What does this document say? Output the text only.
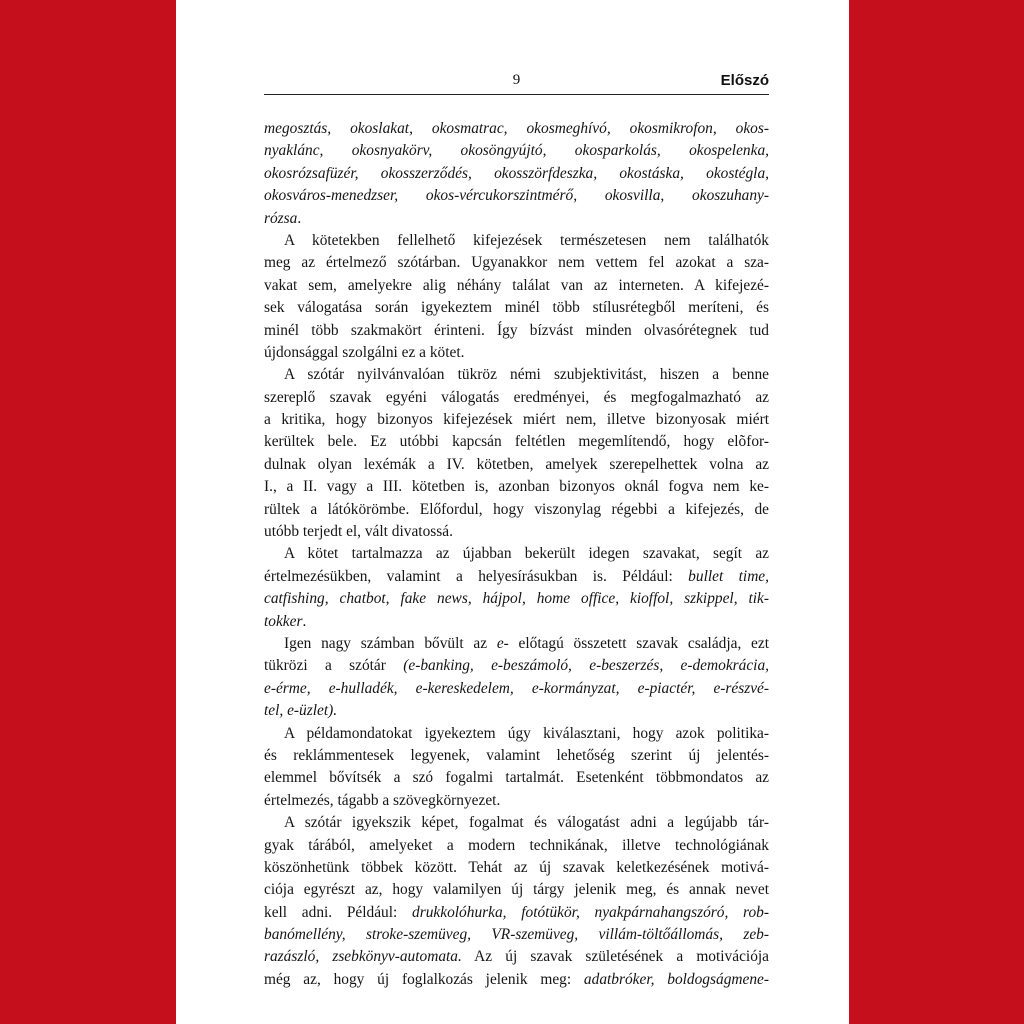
9	Előszó
megosztás, okoslakat, okosmatrac, okosmeghívó, okosmikrofon, okos-
nyaklánc, okosnyakörv, okosöngyújtó, okosparkolás, okospelenka,
okosrózsafüzér, okosszerződés, okosszörfdeszka, okostáska, okostégla,
okosváros-menedzser, okos-vércukorszintmérő, okosvilla, okoszuhany-
rózsa.
A kötetekben fellelhető kifejezések természetesen nem találhatók
meg az értelmező szótárban. Ugyanakkor nem vettem fel azokat a sza-
vakat sem, amelyekre alig néhány találat van az interneten. A kifejezé-
sek válogatása során igyekeztem minél több stílusrétegből meríteni, és
minél több szakmakört érinteni. Így bízvást minden olvasórétegnek tud
újdonsággal szolgálni ez a kötet.
A szótár nyilvánvalóan tükröz némi szubjektivitást, hiszen a benne
szereplő szavak egyéni válogatás eredményei, és megfogalmazható az
a kritika, hogy bizonyos kifejezések miért nem, illetve bizonyosak miért
kerültek bele. Ez utóbbi kapcsán feltétlen megemlítendő, hogy elõfor-
dulnak olyan lexémák a IV. kötetben, amelyek szerepelhettek volna az
I., a II. vagy a III. kötetben is, azonban bizonyos oknál fogva nem ke-
rültek a látókörömbe. Előfordul, hogy viszonylag régebbi a kifejezés, de
utóbb terjedt el, vált divatossá.
A kötet tartalmazza az újabban bekerült idegen szavakat, segít az
értelmezésükben, valamint a helyesírásukban is. Például: bullet time,
catfishing, chatbot, fake news, hájpol, home office, kioffol, szkippel, tik-
tokker.
Igen nagy számban bővült az e- előtagú összetett szavak családja, ezt
tükrözi a szótár (e-banking, e-beszámoló, e-beszerzés, e-demokrácia,
e-érme, e-hulladék, e-kereskedelem, e-kormányzat, e-piactér, e-részvé-
tel, e-üzlet).
A példamondatokat igyekeztem úgy kiválasztani, hogy azok politika-
és reklámmentesek legyenek, valamint lehetőség szerint új jelentés-
elemmel bővítsék a szó fogalmi tartalmát. Esetenként többmondatos az
értelmezés, tágabb a szövegkörnyezet.
A szótár igyekszik képet, fogalmat és válogatást adni a legújabb tár-
gyak tárából, amelyeket a modern technikának, illetve technológiának
köszönhetünk többek között. Tehát az új szavak keletkezésének motivá-
ciója egyrészt az, hogy valamilyen új tárgy jelenik meg, és annak nevet
kell adni. Például: drukkolóhurka, fotótükör, nyakpárnahangszóró, rob-
banómellény, stroke-szemüveg, VR-szemüveg, villám-töltőállomás, zeb-
razászló, zsebkönyv-automata. Az új szavak születésének a motivációja
még az, hogy új foglalkozás jelenik meg: adatbróker, boldogságmene-
